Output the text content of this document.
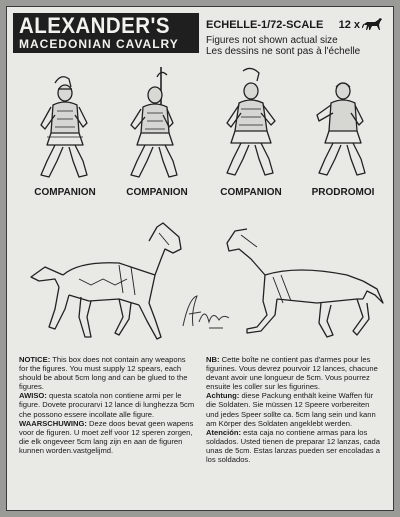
ALEXANDER'S
MACEDONIAN CAVALRY
ECHELLE-1/72-SCALE 12 x
Figures not shown actual size
Les dessins ne sont pas à l'échelle
COMPANION	COMPANION	COMPANION	PRODROMOI

NOTICE: This box does not contain any weapons for the figures. You must supply 12 spears, each should be about 5cm long and can be glued to the figures.

AWISO: questa scatola non contiene armi per le figure. Dovete procurarvi 12 lance di lunghezza 5cm che possono essere incollate alle figure.

WAARSCHUWING: Deze doos bevat geen wapens voor de figuren. U moet zelf voor 12 speren zorgen, die elk ongeveer 5cm lang zijn en aan de figuren kunnen worden.vastgelijmd.

NB: Cette boîte ne contient pas d'armes pour les figurines. Vous devrez pourvoir 12 lances, chacune devant avoir une longueur de 5cm. Vous pourrez ensuite les coller sur les figurines.

Achtung: diese Packung enthält keine Waffen für die Soldaten. Sie müssen 12 Speere vorbereiten und jedes Speer sollte ca. 5cm lang sein und kann am Körper des Soldaten angeklebt werden.

Atención: esta caja no contiene armas para los soldados. Usted tienen de preparar 12 lanzas, cada unas de 5cm. Estas lanzas pueden ser encoladas a los soldados.
